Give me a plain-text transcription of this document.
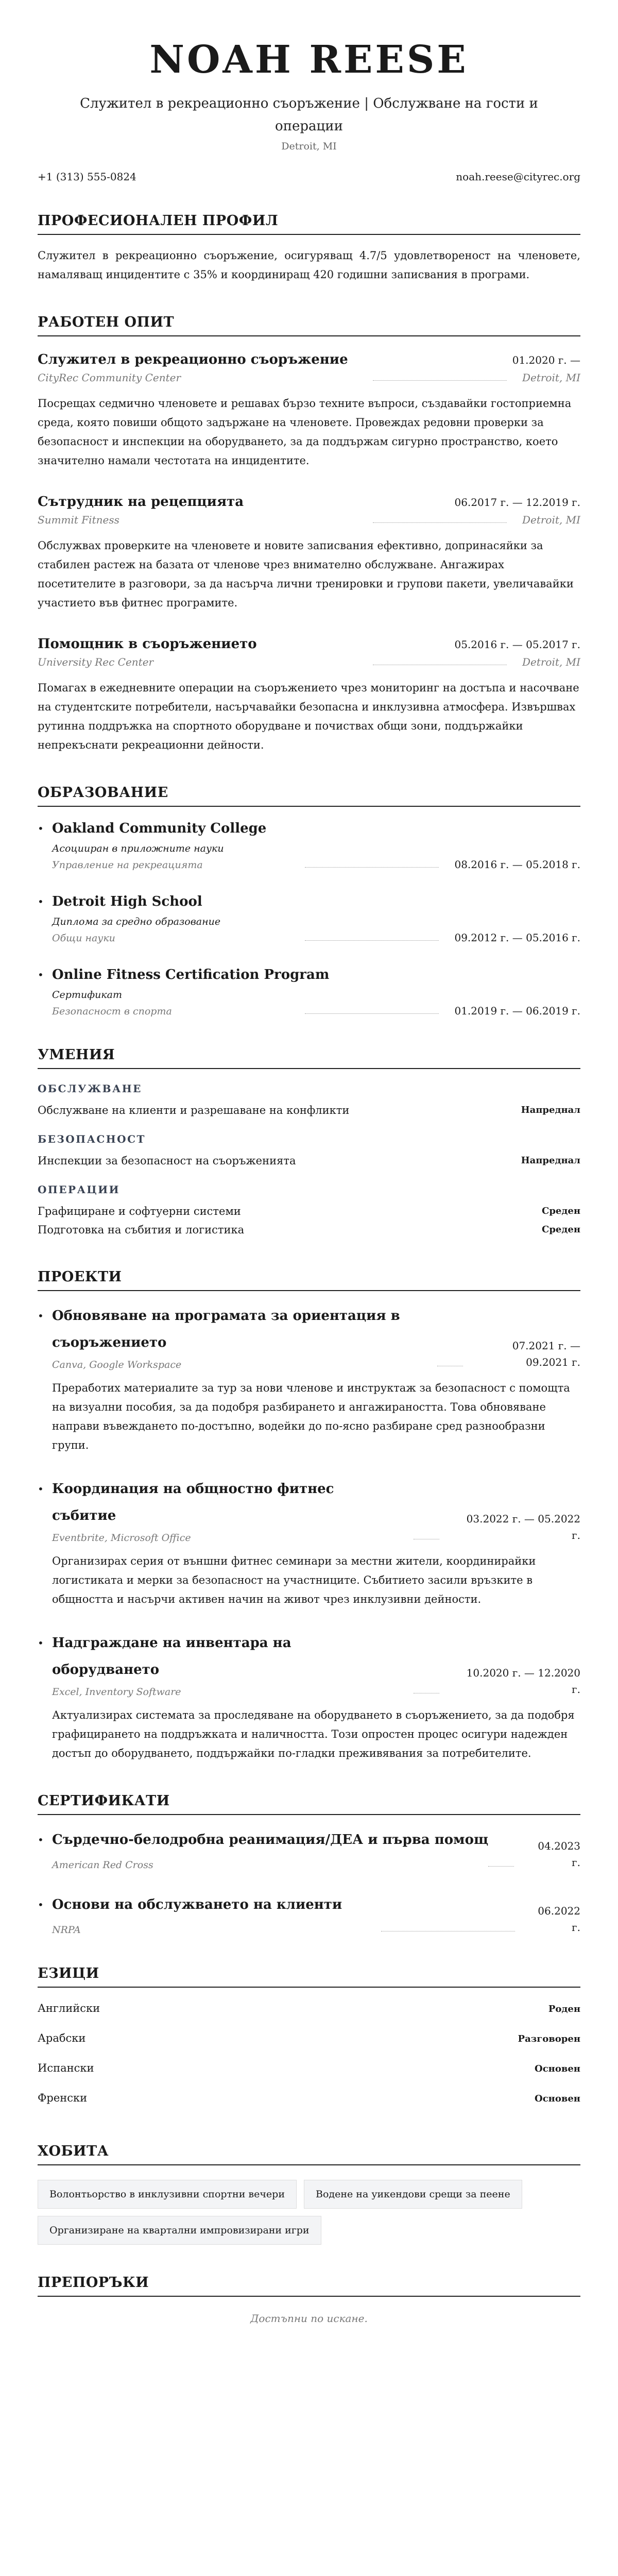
NOAH REESE
Служител в рекреационно съоръжение | Обслужване на гости и операции
Detroit, MI
+1 (313) 555-0824	noah.reese@cityrec.org
ПРОФЕСИОНАЛЕН ПРОФИЛ

Служител в рекреационно съоръжение, осигуряващ 4.7/5 удовлетвореност на членовете, намаляващ инцидентите с 35% и координиращ 420 годишни записвания в програми.

РАБОТЕН ОПИТ
Служител в рекреационно съоръжение	01.2020 г. —
CityRec Community Center	Detroit, MI

Посрещах седмично членовете и решавах бързо техните въпроси, създавайки гостоприемна среда, която повиши общото задържане на членовете. Провеждах редовни проверки за безопасност и инспекции на оборудването, за да поддържам сигурно пространство, което значително намали честотата на инцидентите.

Сътрудник на рецепцията	06.2017 г. — 12.2019 г.
Summit Fitness	Detroit, MI

Обслужвах проверките на членовете и новите записвания ефективно, допринасяйки за стабилен растеж на базата от членове чрез внимателно обслужване. Ангажирах посетителите в разговори, за да насърча лични тренировки и групови пакети, увеличавайки участието във фитнес програмите.

Помощник в съоръжението	05.2016 г. — 05.2017 г.
University Rec Center	Detroit, MI

Помагах в ежедневните операции на съоръжението чрез мониторинг на достъпа и насочване на студентските потребители, насърчавайки безопасна и инклузивна атмосфера. Извършвах рутинна поддръжка на спортното оборудване и почиствах общи зони, поддържайки непрекъснати рекреационни дейности.

ОБРАЗОВАНИЕ
• Oakland Community College
Асоцииран в приложните науки
Управление на рекреацията	08.2016 г. — 05.2018 г.
• Detroit High School
Диплома за средно образование
Общи науки	09.2012 г. — 05.2016 г.
• Online Fitness Certification Program
Сертификат
Безопасност в спорта	01.2019 г. — 06.2019 г.
УМЕНИЯ
ОБСЛУЖВАНЕ
Обслужване на клиенти и разрешаване на конфликти	Напреднал
БЕЗОПАСНОСТ
Инспекции за безопасност на съоръженията	Напреднал
ОПЕРАЦИИ
Графициране и софтуерни системи	Среден
Подготовка на събития и логистика	Среден
ПРОЕКТИ
• Обновяване на програмата за ориентация в съоръжението
Canva, Google Workspace
07.2021 г. — 09.2021 г.

Преработих материалите за тур за нови членове и инструктаж за безопасност с помощта на визуални пособия, за да подобря разбирането и ангажираността. Това обновяване направи въвеждането по-достъпно, водейки до по-ясно разбиране сред разнообразни групи.

• Координация на общностно фитнес събитие
Eventbrite, Microsoft Office
03.2022 г. — 05.2022 г.

Организирах серия от външни фитнес семинари за местни жители, координирайки логистиката и мерки за безопасност на участниците. Събитието засили връзките в общността и насърчи активен начин на живот чрез инклузивни дейности.

• Надграждане на инвентара на оборудването
Excel, Inventory Software
10.2020 г. — 12.2020 г.

Актуализирах системата за проследяване на оборудването в съоръжението, за да подобря графицирането на поддръжката и наличността. Този опростен процес осигури надежден достъп до оборудването, поддържайки по-гладки преживявания за потребителите.

СЕРТИФИКАТИ
• Сърдечно-белодробна реанимация/ДЕА и първа помощ
American Red Cross
04.2023 г.
• Основи на обслужването на клиенти
NRPA
06.2022 г.
ЕЗИЦИ
Английски	Роден
Арабски	Разговорен
Испански	Основен
Френски	Основен
ХОБИТА
Волонтьорство в инклузивни спортни вечери	Водене на уикендови срещи за пеене
Организиране на квартални импровизирани игри
ПРЕПОРЪКИ
Достъпни по искане.
